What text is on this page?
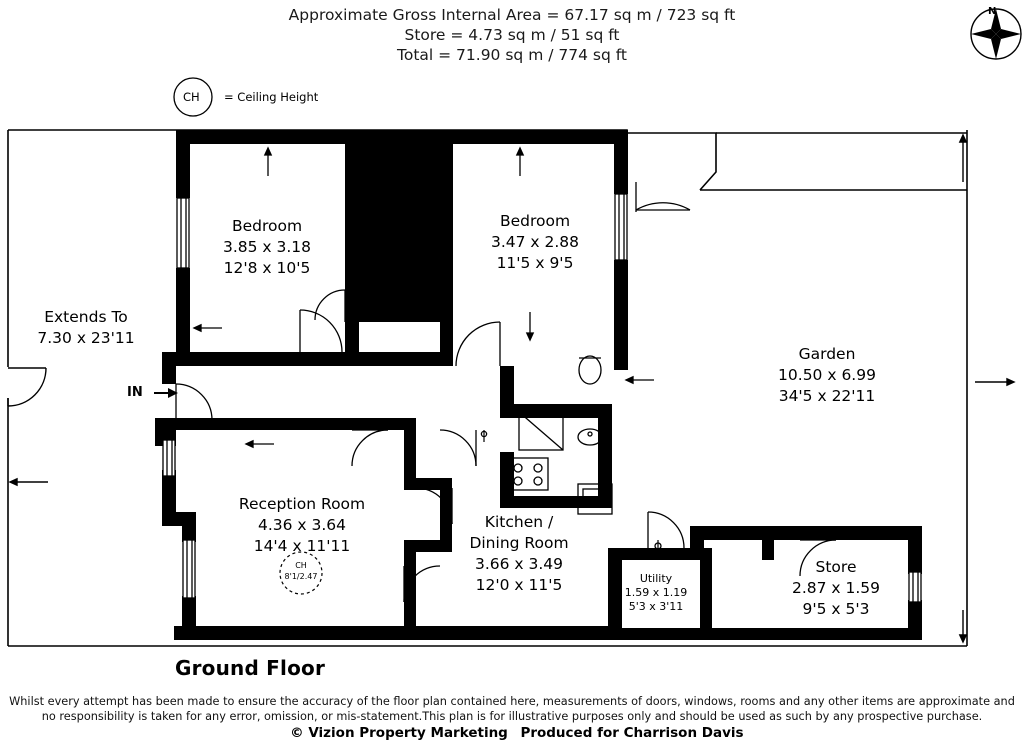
Approximate Gross Internal Area = 67.17 sq m / 723 sq ft
Store = 4.73 sq m / 51 sq ft
Total = 71.90 sq m / 774 sq ft
N
CH = Ceiling Height
IN
Bedroom
3.85 x 3.18
12'8 x 10'5
Bedroom
3.47 x 2.88
11'5 x 9'5
Extends To
7.30 x 23'11
Garden
10.50 x 6.99
34'5 x 22'11
Reception Room
4.36 x 3.64
14'4 x 11'11
CH
8'1/2.47
Kitchen /
Dining Room
3.66 x 3.49
12'0 x 11'5	Utility
1.59 x 1.19
5'3 x 3'11
Store
2.87 x 1.59
9'5 x 5'3
Ground Floor
Whilst every attempt has been made to ensure the accuracy of the floor plan contained here, measurements of doors, windows, rooms and any other items are approximate and
no responsibility is taken for any error, omission, or mis-statement.This plan is for illustrative purposes only and should be used as such by any prospective purchase.
© Vizion Property Marketing Produced for Charrison Davis
